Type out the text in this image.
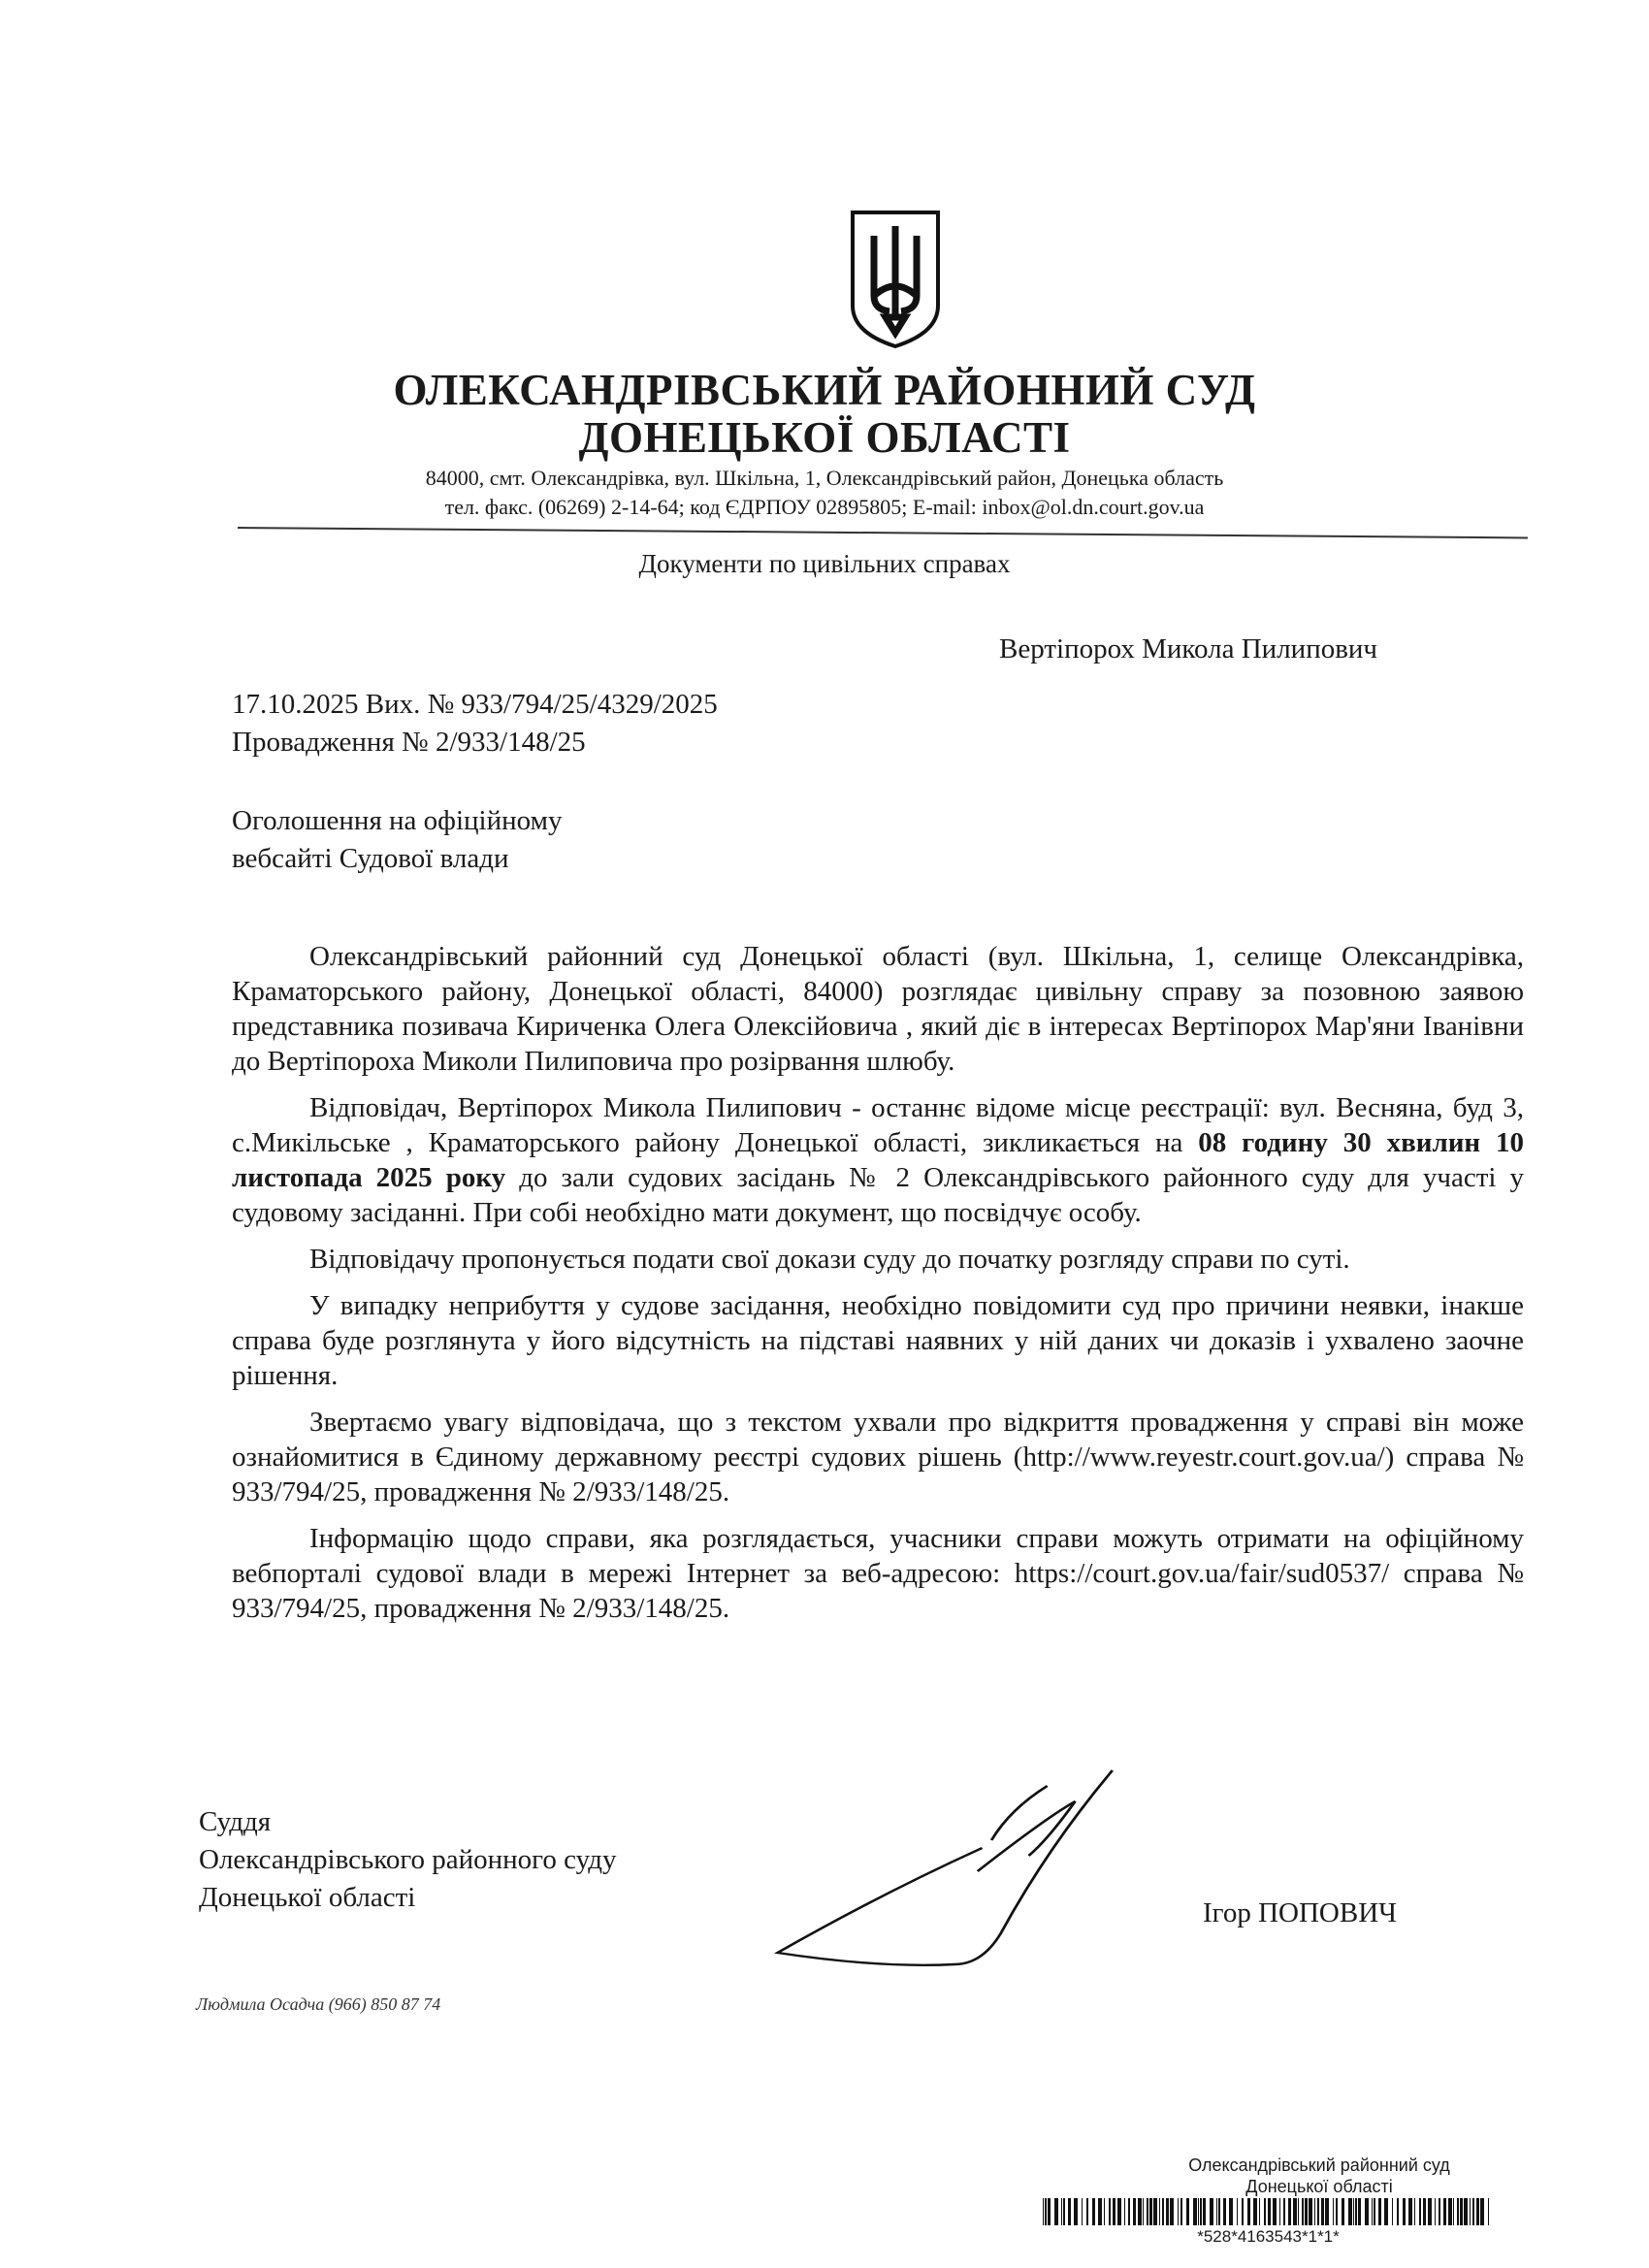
ОЛЕКСАНДРІВСЬКИЙ РАЙОННИЙ СУД
ДОНЕЦЬКОЇ ОБЛАСТІ
84000, смт. Олександрівка, вул. Шкільна, 1, Олександрівський район, Донецька область
тел. факс. (06269) 2-14-64; код ЄДРПОУ 02895805; E-mail: inbox@ol.dn.court.gov.ua
Документи по цивільних справах
Вертіпорох Микола Пилипович
17.10.2025 Вих. № 933/794/25/4329/2025
Провадження № 2/933/148/25
Оголошення на офіційному
вебсайті Судової влади

Олександрівський районний суд Донецької області (вул. Шкільна, 1, селище Олександрівка, Краматорського району, Донецької області, 84000) розглядає цивільну справу за позовною заявою представника позивача Кириченка Олега Олексійовича , який діє в інтересах Вертіпорох Мар'яни Іванівни до Вертіпороха Миколи Пилиповича про розірвання шлюбу.

Відповідач, Вертіпорох Микола Пилипович - останнє відоме місце реєстрації: вул. Весняна, буд 3, с.Микільське , Краматорського району Донецької області, зикликається на 08 годину 30 хвилин 10 листопада 2025 року до зали судових засідань № 2 Олександрівського районного суду для участі у судовому засіданні. При собі необхідно мати документ, що посвідчує особу.

Відповідачу пропонується подати свої докази суду до початку розгляду справи по суті.

У випадку неприбуття у судове засідання, необхідно повідомити суд про причини неявки, інакше справа буде розглянута у його відсутність на підставі наявних у ній даних чи доказів і ухвалено заочне рішення.

Звертаємо увагу відповідача, що з текстом ухвали про відкриття провадження у справі він може ознайомитися в Єдиному державному реєстрі судових рішень (http://www.reyestr.court.gov.ua/) справа № 933/794/25, провадження № 2/933/148/25.

Інформацію щодо справи, яка розглядається, учасники справи можуть отримати на офіційному вебпорталі судової влади в мережі Інтернет за веб-адресою: https://court.gov.ua/fair/sud0537/ справа № 933/794/25, провадження № 2/933/148/25.

Суддя
Олександрівського районного суду
Донецької області	Ігор ПОПОВИЧ
Людмила Осадча (966) 850 87 74
Олександрівський районний суд
Донецької області
*528*4163543*1*1*
